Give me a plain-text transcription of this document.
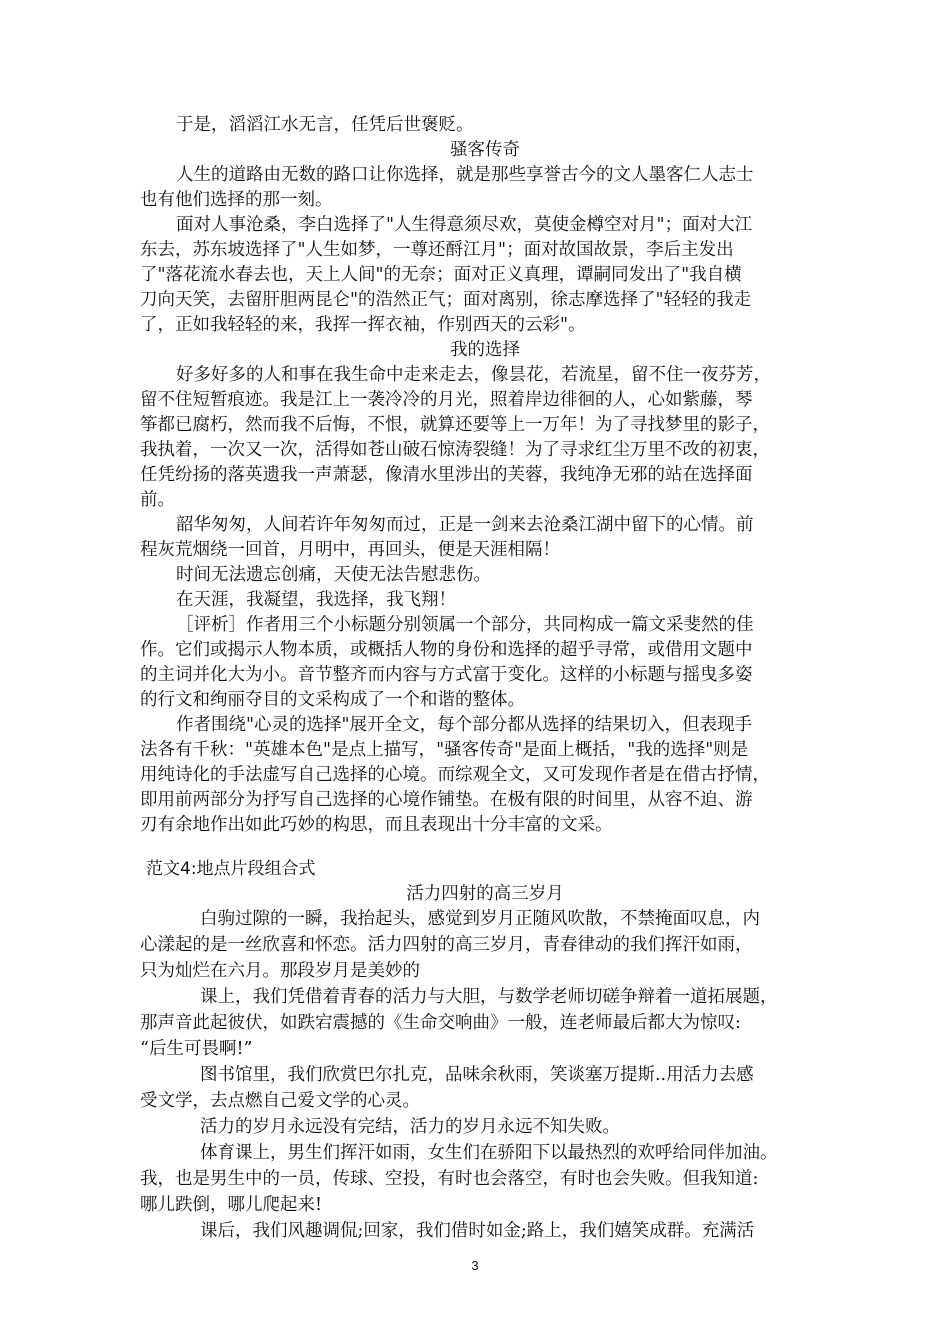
于是，滔滔江水无言，任凭后世褒贬。
骚客传奇
人生的道路由无数的路口让你选择，就是那些享誉古今的文人墨客仁人志士
也有他们选择的那一刻。
面对人事沧桑，李白选择了"人生得意须尽欢，莫使金樽空对月"；面对大江
东去，苏东坡选择了"人生如梦，一尊还酹江月"；面对故国故景，李后主发出
了"落花流水春去也，天上人间"的无奈；面对正义真理，谭嗣同发出了"我自横
刀向天笑，去留肝胆两昆仑"的浩然正气；面对离别，徐志摩选择了"轻轻的我走
了，正如我轻轻的来，我挥一挥衣袖，作别西天的云彩"。
我的选择
好多好多的人和事在我生命中走来走去，像昙花，若流星，留不住一夜芬芳，
留不住短暂痕迹。我是江上一袭冷冷的月光，照着岸边徘徊的人，心如紫藤，琴
筝都已腐朽，然而我不后悔，不恨，就算还要等上一万年！为了寻找梦里的影子，
我执着，一次又一次，活得如苍山破石惊涛裂缝！为了寻求红尘万里不改的初衷，
任凭纷扬的落英遗我一声萧瑟，像清水里涉出的芙蓉，我纯净无邪的站在选择面
前。
韶华匆匆，人间若许年匆匆而过，正是一剑来去沧桑江湖中留下的心情。前
程灰荒烟绕一回首，月明中，再回头，便是天涯相隔！
时间无法遗忘创痛，天使无法告慰悲伤。
在天涯，我凝望，我选择，我飞翔！
［评析］作者用三个小标题分别领属一个部分，共同构成一篇文采斐然的佳
作。它们或揭示人物本质，或概括人物的身份和选择的超乎寻常，或借用文题中
的主词并化大为小。音节整齐而内容与方式富于变化。这样的小标题与摇曳多姿
的行文和绚丽夺目的文采构成了一个和谐的整体。
作者围绕"心灵的选择"展开全文，每个部分都从选择的结果切入，但表现手
法各有千秋："英雄本色"是点上描写，"骚客传奇"是面上概括，"我的选择"则是
用纯诗化的手法虚写自己选择的心境。而综观全文，又可发现作者是在借古抒情，
即用前两部分为抒写自己选择的心境作铺垫。在极有限的时间里，从容不迫、游
刃有余地作出如此巧妙的构思，而且表现出十分丰富的文采。
范文4:地点片段组合式
活力四射的高三岁月
白驹过隙的一瞬，我抬起头，感觉到岁月正随风吹散，不禁掩面叹息，内
心漾起的是一丝欣喜和怀恋。活力四射的高三岁月，青春律动的我们挥汗如雨，
只为灿烂在六月。那段岁月是美妙的
课上，我们凭借着青春的活力与大胆，与数学老师切磋争辩着一道拓展题，
那声音此起彼伏，如跌宕震撼的《生命交响曲》一般，连老师最后都大为惊叹:
“后生可畏啊!”
图书馆里，我们欣赏巴尔扎克，品味余秋雨，笑谈塞万提斯..用活力去感
受文学，去点燃自己爱文学的心灵。
活力的岁月永远没有完结，活力的岁月永远不知失败。
体育课上，男生们挥汗如雨，女生们在骄阳下以最热烈的欢呼给同伴加油。
我，也是男生中的一员，传球、空投，有时也会落空，有时也会失败。但我知道:
哪儿跌倒，哪儿爬起来!
课后，我们风趣调侃;回家，我们借时如金;路上，我们嬉笑成群。充满活
3
